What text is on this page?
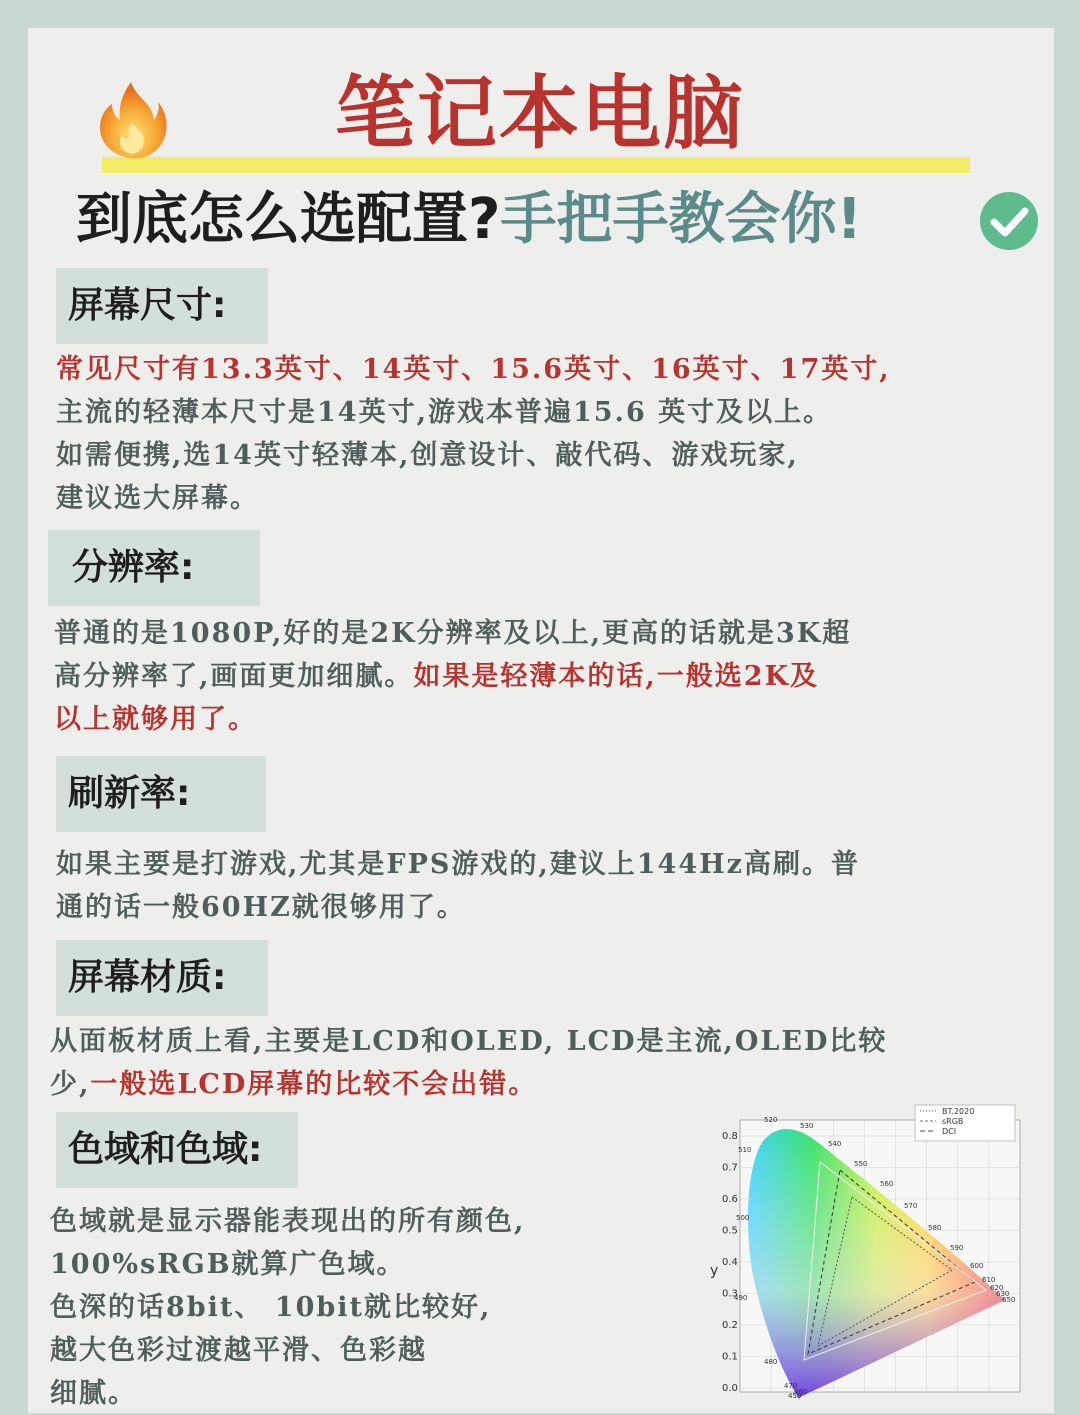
笔记本电脑
到底怎么选配置?手把手教会你!
屏幕尺寸:
常见尺寸有13.3英寸、14英寸、15.6英寸、16英寸、17英寸,
主流的轻薄本尺寸是14英寸,游戏本普遍15.6 英寸及以上。
如需便携,选14英寸轻薄本,创意设计、敲代码、游戏玩家,
建议选大屏幕。
分辨率:
普通的是1080P,好的是2K分辨率及以上,更高的话就是3K超
高分辨率了,画面更加细腻。如果是轻薄本的话,一般选2K及
以上就够用了。
刷新率:
如果主要是打游戏,尤其是FPS游戏的,建议上144Hz高刷。普
通的话一般60HZ就很够用了。
屏幕材质:
从面板材质上看,主要是LCD和OLED, LCD是主流,OLED比较
少,一般选LCD屏幕的比较不会出错。
色域和色域:
色域就是显示器能表现出的所有颜色,
100%sRGB就算广色域。
色深的话8bit、 10bit就比较好,
越大色彩过渡越平滑、色彩越
细腻。	0.0
0.1
0.2
0.3
0.4
0.5
0.6
0.7
0.8
y
520
530
540
550
560
570
580
590
600
610
620
630
650
510
500
490
480
470
460
450
BT.2020
sRGB
DCI
